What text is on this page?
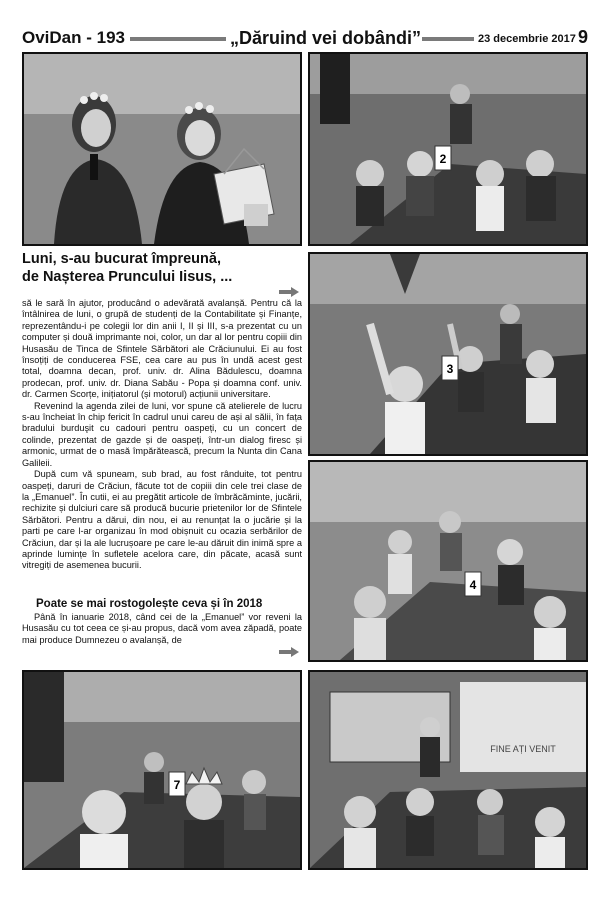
OviDan - 193	„Dăruind vei dobândi”	23 decembrie 2017 9
2
3
Luni, s-au bucurat împreună,
de Nașterea Pruncului Iisus, ...

să le sară în ajutor, producând o adevărată avalanșă. Pentru că la întâlnirea de luni, o grupă de studenți de la Contabilitate și Finanțe, reprezentându-i pe colegii lor din anii I, II și III, s-a prezentat cu un computer și două imprimante noi, color, un dar al lor pentru copiii din Husasău de Tinca de Sfintele Sărbători ale Crăciunului. Ei au fost însoțiți de conducerea FSE, cea care au pus în undă acest gest total, doamna decan, prof. univ. dr. Alina Bădulescu, doamna prodecan, prof. univ. dr. Diana Sabău - Popa și doamna conf. univ. dr. Carmen Scorțe, inițiatorul (și motorul) acțiunii universitare.

Revenind la agenda zilei de luni, vor spune că atelierele de lucru s-au încheiat în chip fericit în cadrul unui careu de ași al sălii, în fața bradului burduşit cu cadouri pentru oaspeți, cu un concert de colinde, prezentat de gazde și de oaspeți, într-un dialog firesc și armonic, urmat de o masă împărătească, precum la Nunta din Cana Galileii.

După cum vă spuneam, sub brad, au fost rânduite, tot pentru oaspeți, daruri de Crăciun, făcute tot de copiii din cele trei clase de la „Emanuel”. În cutii, ei au pregătit articole de îmbrăcăminte, jucării, rechizite și dulciuri care să producă bucurie prietenilor lor de Sfintele Sărbători. Pentru a dărui, din nou, ei au renunțat la o jucărie și la parti pe care l-ar organizau în mod obișnuit cu ocazia serbărilor de Crăciun, dar și la ale lucrușoare pe care le-au dăruit din inimă spre a aprinde lumințe în sufletele acelora care, din păcate, acasă sunt vitregiți de asemenea bucurii.

Poate se mai rostogolește ceva și în 2018

Până în ianuarie 2018, când cei de la „Emanuel” vor reveni la Husasău cu tot ceea ce și-au propus, dacă vom avea zăpadă, poate mai produce Dumnezeu o avalanșă, de

4
7
FINE AȚI VENIT
